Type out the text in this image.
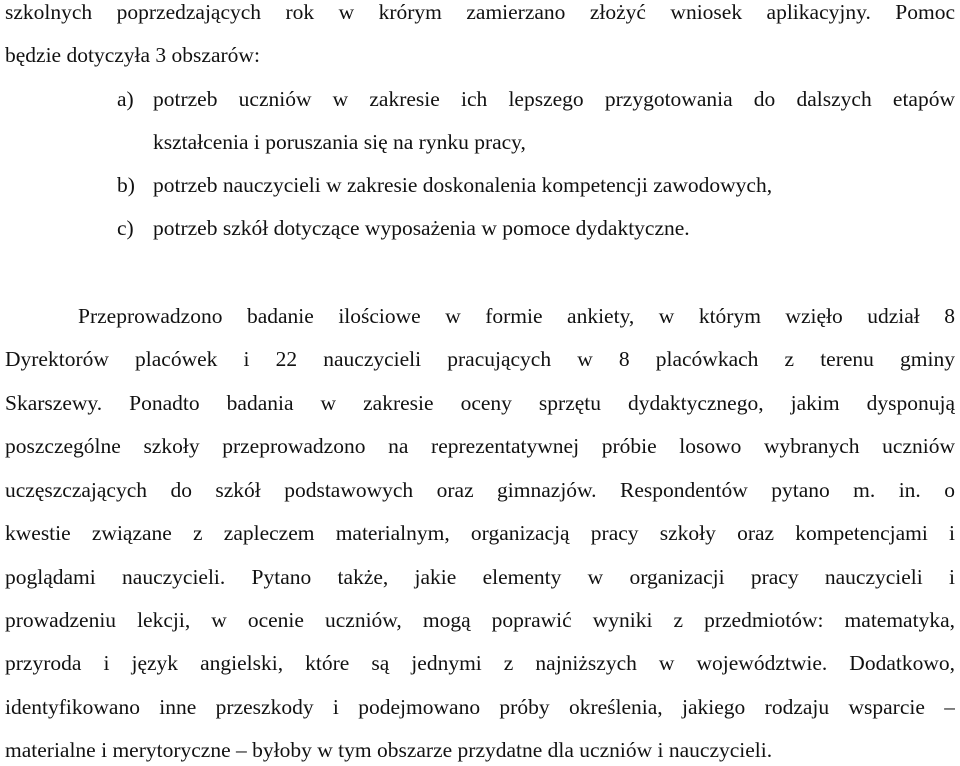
szkolnych poprzedzających rok w krórym zamierzano złożyć wniosek aplikacyjny. Pomoc
będzie dotyczyła 3 obszarów:
a) potrzeb uczniów w zakresie ich lepszego przygotowania do dalszych etapów
kształcenia i poruszania się na rynku pracy,
b) potrzeb nauczycieli w zakresie doskonalenia kompetencji zawodowych,
c) potrzeb szkół dotyczące wyposażenia w pomoce dydaktyczne.
Przeprowadzono badanie ilościowe w formie ankiety, w którym wzięło udział 8
Dyrektorów placówek i 22 nauczycieli pracujących w 8 placówkach z terenu gminy
Skarszewy. Ponadto badania w zakresie oceny sprzętu dydaktycznego, jakim dysponują
poszczególne szkoły przeprowadzono na reprezentatywnej próbie losowo wybranych uczniów
uczęszczających do szkół podstawowych oraz gimnazjów. Respondentów pytano m. in. o
kwestie związane z zapleczem materialnym, organizacją pracy szkoły oraz kompetencjami i
poglądami nauczycieli. Pytano także, jakie elementy w organizacji pracy nauczycieli i
prowadzeniu lekcji, w ocenie uczniów, mogą poprawić wyniki z przedmiotów: matematyka,
przyroda i język angielski, które są jednymi z najniższych w województwie. Dodatkowo,
identyfikowano inne przeszkody i podejmowano próby określenia, jakiego rodzaju wsparcie –
materialne i merytoryczne – byłoby w tym obszarze przydatne dla uczniów i nauczycieli.
